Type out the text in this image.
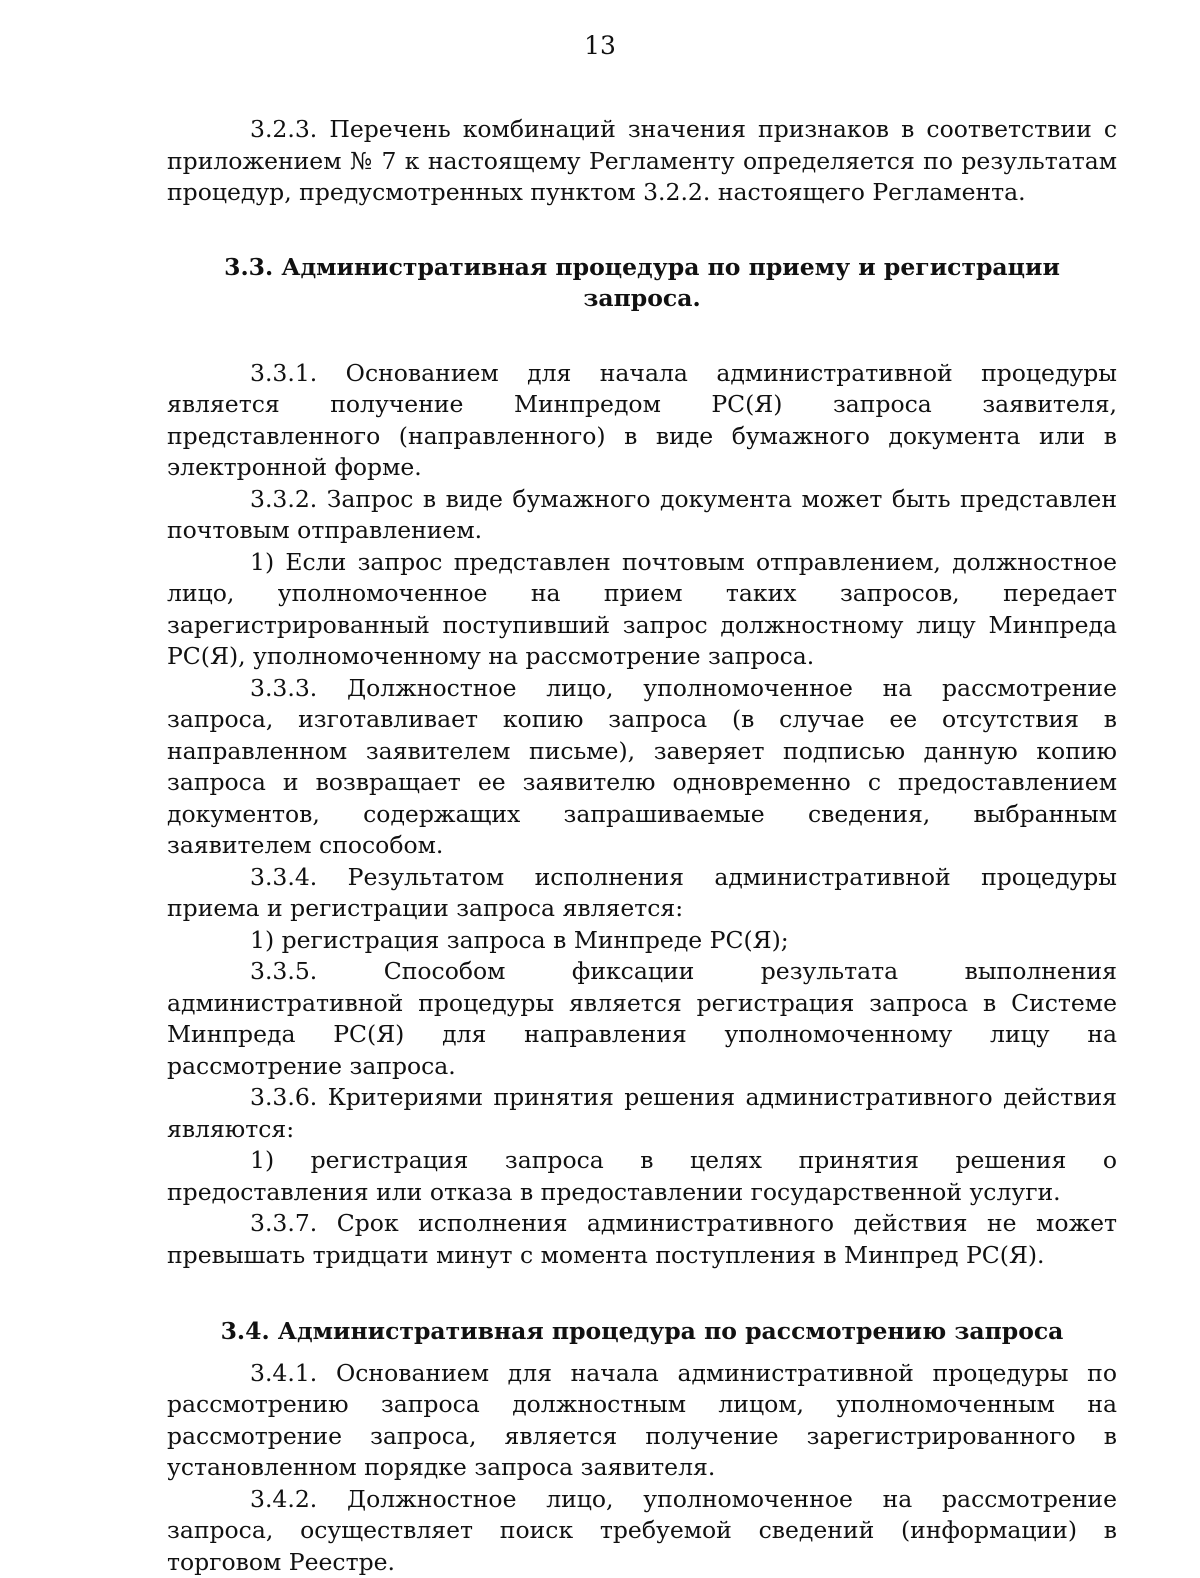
13

3.2.3. Перечень комбинаций значения признаков в соответствии с приложением № 7 к настоящему Регламенту определяется по результатам процедур, предусмотренных пунктом 3.2.2. настоящего Регламента.

3.3. Административная процедура по приему и регистрации запроса.

3.3.1. Основанием для начала административной процедуры является получение Минпредом РС(Я) запроса заявителя, представленного (направленного) в виде бумажного документа или в электронной форме.

3.3.2. Запрос в виде бумажного документа может быть представлен почтовым отправлением.

1) Если запрос представлен почтовым отправлением, должностное лицо, уполномоченное на прием таких запросов, передает зарегистрированный поступивший запрос должностному лицу Минпреда РС(Я), уполномоченному на рассмотрение запроса.

3.3.3. Должностное лицо, уполномоченное на рассмотрение запроса, изготавливает копию запроса (в случае ее отсутствия в направленном заявителем письме), заверяет подписью данную копию запроса и возвращает ее заявителю одновременно с предоставлением документов, содержащих запрашиваемые сведения, выбранным заявителем способом.

3.3.4. Результатом исполнения административной процедуры приема и регистрации запроса является:

1) регистрация запроса в Минпреде РС(Я);

3.3.5. Способом фиксации результата выполнения административной процедуры является регистрация запроса в Системе Минпреда РС(Я) для направления уполномоченному лицу на рассмотрение запроса.

3.3.6. Критериями принятия решения административного действия являются:

1) регистрация запроса в целях принятия решения о предоставления или отказа в предоставлении государственной услуги.

3.3.7. Срок исполнения административного действия не может превышать тридцати минут с момента поступления в Минпред РС(Я).

3.4. Административная процедура по рассмотрению запроса

3.4.1. Основанием для начала административной процедуры по рассмотрению запроса должностным лицом, уполномоченным на рассмотрение запроса, является получение зарегистрированного в установленном порядке запроса заявителя.

3.4.2. Должностное лицо, уполномоченное на рассмотрение запроса, осуществляет поиск требуемой сведений (информации) в торговом Реестре.
